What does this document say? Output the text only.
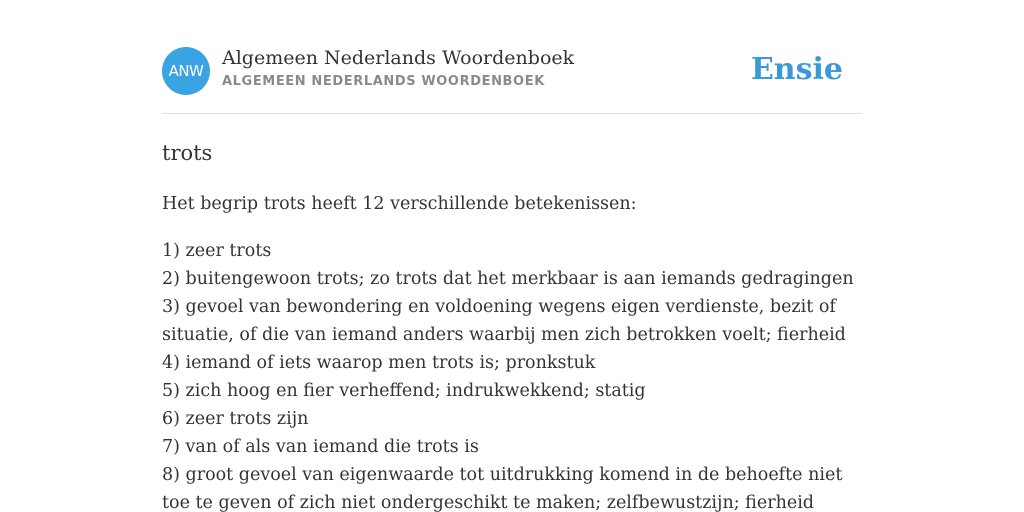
ANW
Algemeen Nederlands Woordenboek
ALGEMEEN NEDERLANDS WOORDENBOEK	Ensie
trots
Het begrip trots heeft 12 verschillende betekenissen:
1) zeer trots
2) buitengewoon trots; zo trots dat het merkbaar is aan iemands gedragingen
3) gevoel van bewondering en voldoening wegens eigen verdienste, bezit of situatie, of die van iemand anders waarbij men zich betrokken voelt; fierheid
4) iemand of iets waarop men trots is; pronkstuk
5) zich hoog en fier verheffend; indrukwekkend; statig
6) zeer trots zijn
7) van of als van iemand die trots is
8) groot gevoel van eigenwaarde tot uitdrukking komend in de behoefte niet toe te geven of zich niet ondergeschikt te maken; zelfbewustzijn; fierheid
